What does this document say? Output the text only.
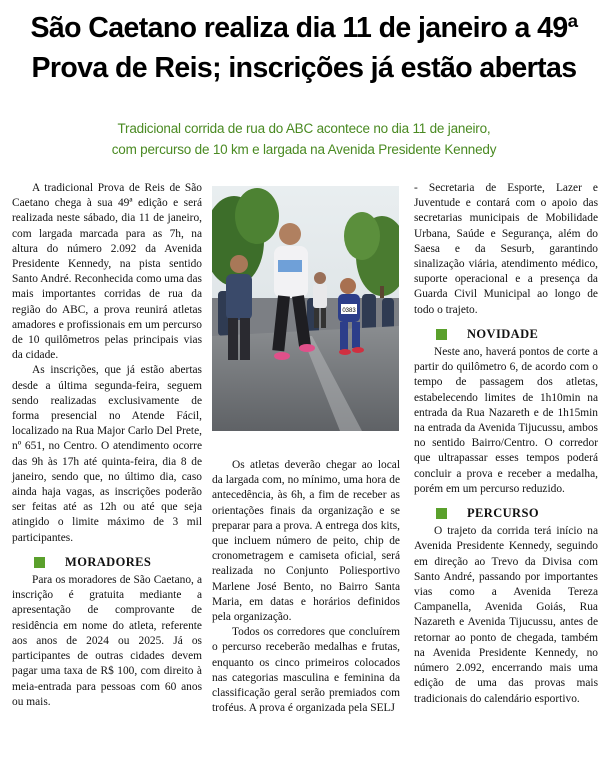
São Caetano realiza dia 11 de janeiro a 49ª
Prova de Reis; inscrições já estão abertas
Tradicional corrida de rua do ABC acontece no dia 11 de janeiro,
com percurso de 10 km e largada na Avenida Presidente Kennedy

A tradicional Prova de Reis de São Caetano chega à sua 49ª edição e será realizada neste sábado, dia 11 de janeiro, com largada marcada para as 7h, na altura do número 2.092 da Avenida Presidente Kennedy, na pista sentido Santo André. Reconhecida como uma das mais importantes corridas de rua da região do ABC, a prova reunirá atletas amadores e profissionais em um percurso de 10 quilômetros pelas principais vias da cidade.

As inscrições, que já estão abertas desde a última segunda-feira, seguem sendo realizadas exclusivamente de forma presencial no Atende Fácil, localizado na Rua Major Carlo Del Prete, nº 651, no Centro. O atendimento ocorre das 9h às 17h até quinta-feira, dia 8 de janeiro, sendo que, no último dia, caso ainda haja vagas, as inscrições poderão ser feitas até as 12h ou até que seja atingido o limite máximo de 3 mil participantes.

MORADORES

Para os moradores de São Caetano, a inscrição é gratuita mediante a apresentação de comprovante de residência em nome do atleta, referente aos anos de 2024 ou 2025. Já os participantes de outras cidades devem pagar uma taxa de R$ 100, com direito à meia-entrada para pessoas com 60 anos ou mais.

0383

Os atletas deverão chegar ao local da largada com, no mínimo, uma hora de antecedência, às 6h, a fim de receber as orientações finais da organização e se preparar para a prova. A entrega dos kits, que incluem número de peito, chip de cronometragem e camiseta oficial, será realizada no Conjunto Poliesportivo Marlene José Bento, no Bairro Santa Maria, em datas e horários definidos pela organização.

Todos os corredores que concluírem o percurso receberão medalhas e frutas, enquanto os cinco primeiros colocados nas categorias masculina e feminina da classificação geral serão premiados com troféus. A prova é organizada pela SELJ

- Secretaria de Esporte, Lazer e Juventude e contará com o apoio das secretarias municipais de Mobilidade Urbana, Saúde e Segurança, além do Saesa e da Sesurb, garantindo sinalização viária, atendimento médico, suporte operacional e a presença da Guarda Civil Municipal ao longo de todo o trajeto.

NOVIDADE

Neste ano, haverá pontos de corte a partir do quilômetro 6, de acordo com o tempo de passagem dos atletas, estabelecendo limites de 1h10min na entrada da Rua Nazareth e de 1h15min na entrada da Avenida Tijucussu, ambos no sentido Bairro/Centro. O corredor que ultrapassar esses tempos poderá concluir a prova e receber a medalha, porém em um percurso reduzido.

PERCURSO

O trajeto da corrida terá início na Avenida Presidente Kennedy, seguindo em direção ao Trevo da Divisa com Santo André, passando por importantes vias como a Avenida Tereza Campanella, Avenida Goiás, Rua Nazareth e Avenida Tijucussu, antes de retornar ao ponto de chegada, também na Avenida Presidente Kennedy, no número 2.092, encerrando mais uma edição de uma das provas mais tradicionais do calendário esportivo.
